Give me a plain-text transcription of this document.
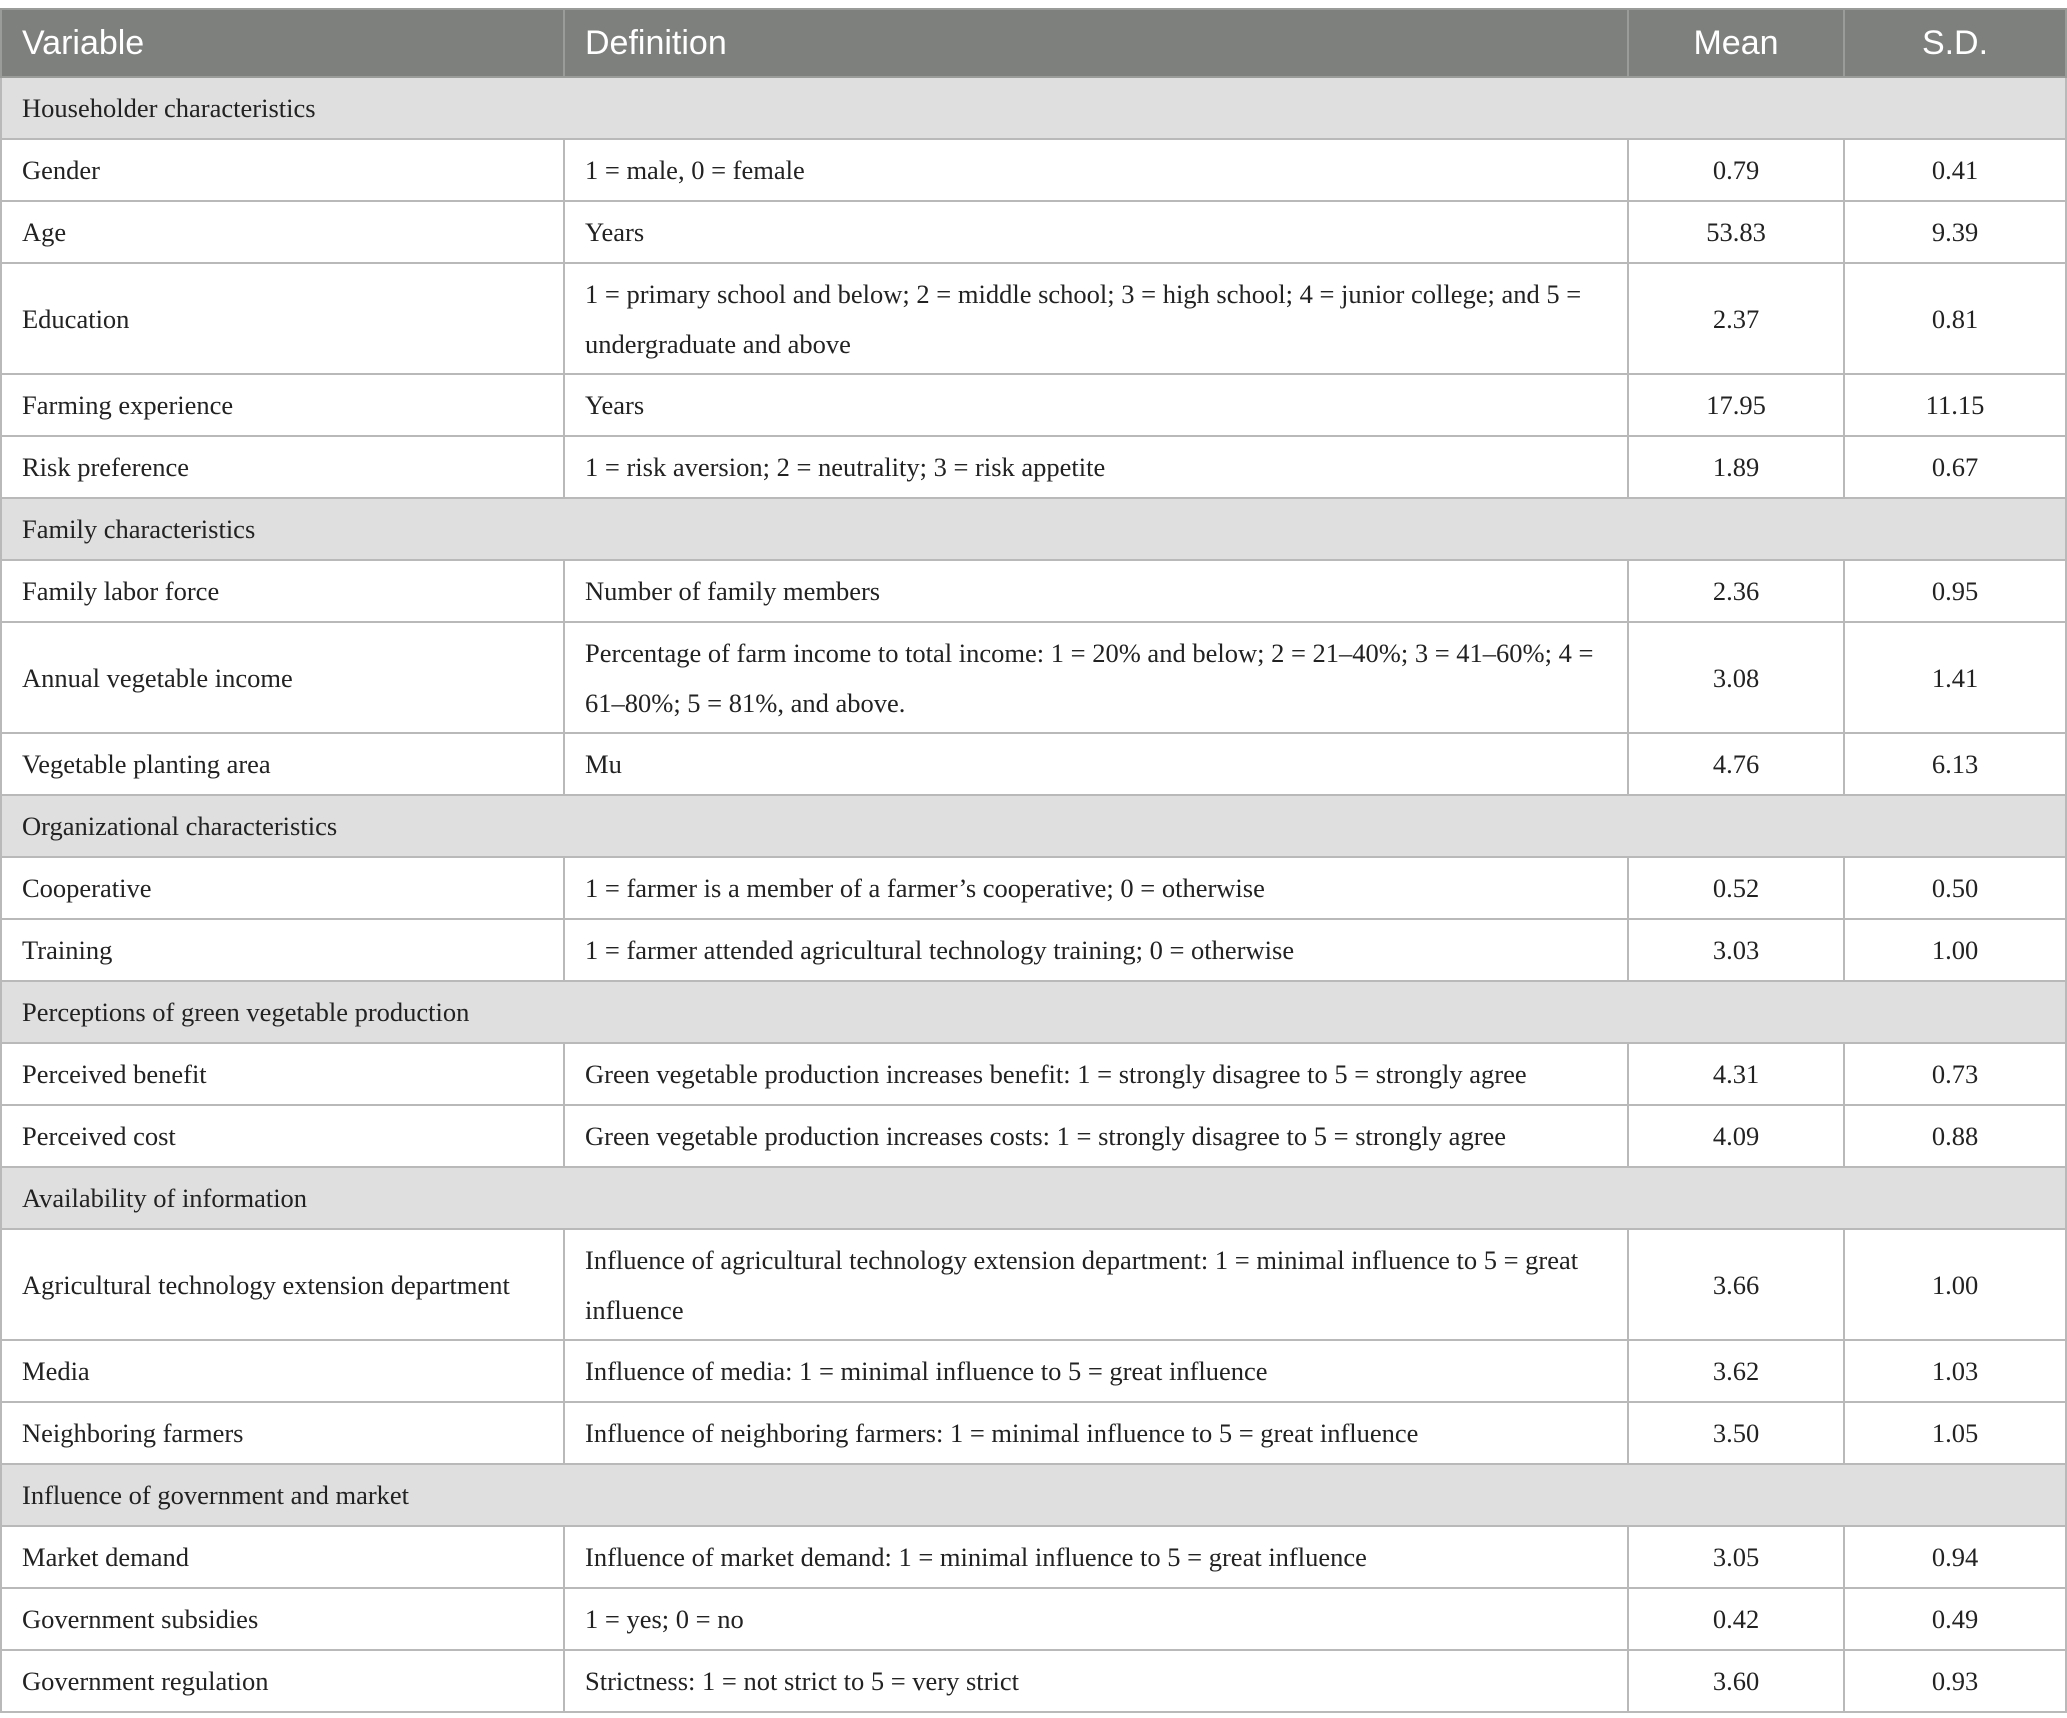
Variable	Definition	Mean	S.D.
Householder characteristics			
Gender	1 = male, 0 = female	0.79	0.41
Age	Years	53.83	9.39
Education	1 = primary school and below; 2 = middle school; 3 = high school; 4 = junior college; and 5 = undergraduate and above	2.37	0.81
Farming experience	Years	17.95	11.15
Risk preference	1 = risk aversion; 2 = neutrality; 3 = risk appetite	1.89	0.67
Family characteristics			
Family labor force	Number of family members	2.36	0.95
Annual vegetable income	Percentage of farm income to total income: 1 = 20% and below; 2 = 21–40%; 3 = 41–60%; 4 = 61–80%; 5 = 81%, and above.	3.08	1.41
Vegetable planting area	Mu	4.76	6.13
Organizational characteristics			
Cooperative	1 = farmer is a member of a farmer’s cooperative; 0 = otherwise	0.52	0.50
Training	1 = farmer attended agricultural technology training; 0 = otherwise	3.03	1.00
Perceptions of green vegetable production			
Perceived benefit	Green vegetable production increases benefit: 1 = strongly disagree to 5 = strongly agree	4.31	0.73
Perceived cost	Green vegetable production increases costs: 1 = strongly disagree to 5 = strongly agree	4.09	0.88
Availability of information			
Agricultural technology extension department	Influence of agricultural technology extension department: 1 = minimal influence to 5 = great influence	3.66	1.00
Media	Influence of media: 1 = minimal influence to 5 = great influence	3.62	1.03
Neighboring farmers	Influence of neighboring farmers: 1 = minimal influence to 5 = great influence	3.50	1.05
Influence of government and market			
Market demand	Influence of market demand: 1 = minimal influence to 5 = great influence	3.05	0.94
Government subsidies	1 = yes; 0 = no	0.42	0.49
Government regulation	Strictness: 1 = not strict to 5 = very strict	3.60	0.93
